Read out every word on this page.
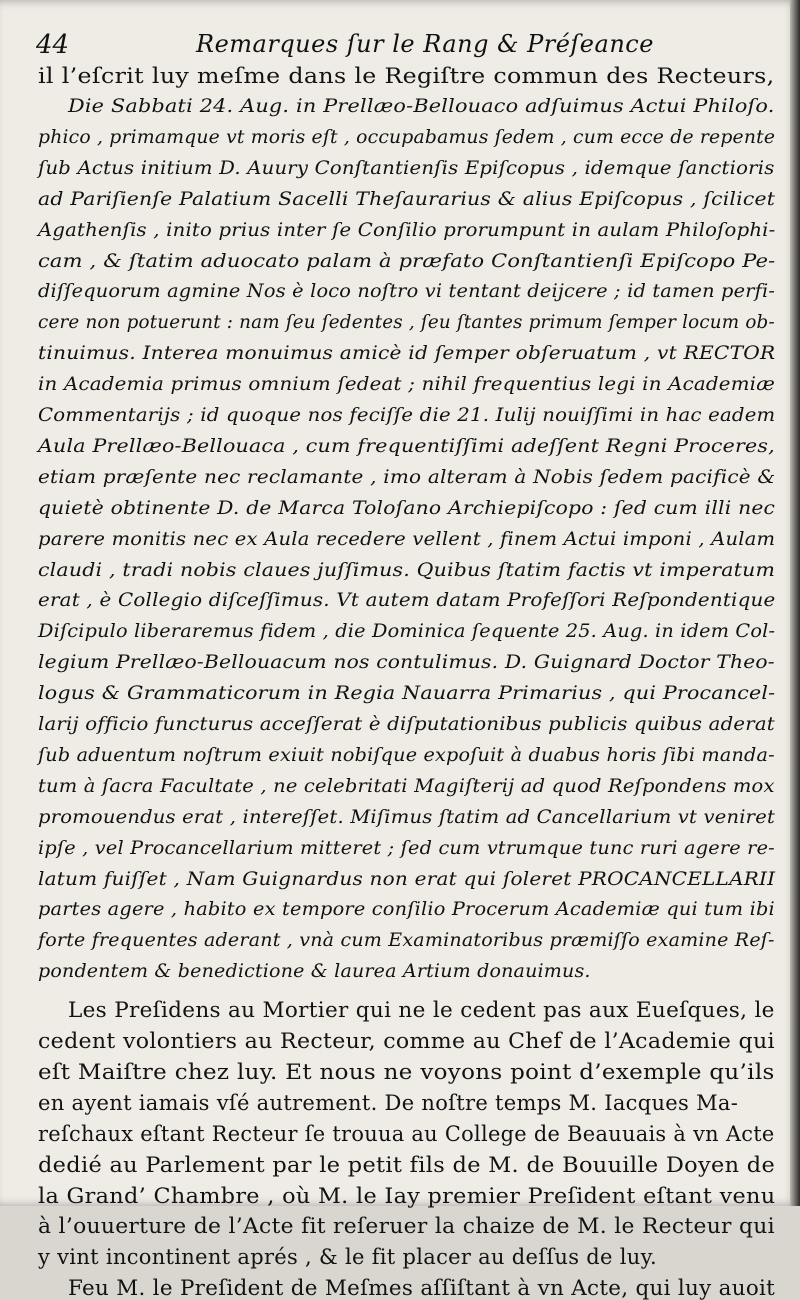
44	Remarques ſur le Rang & Préſeance
il l’eſcrit luy meſme dans le Regiſtre commun des Recteurs,
Die Sabbati 24. Aug. in Prellæo-Bellouaco adſuimus Actui Philoſo.
phico , primamque vt moris eſt , occupabamus ſedem , cum ecce de repente
ſub Actus initium D. Auury Conſtantienſis Epiſcopus , idemque ſanctioris
ad Pariſienſe Palatium Sacelli Theſaurarius & alius Epiſcopus , ſcilicet
Agathenſis , inito prius inter ſe Conſilio prorumpunt in aulam Philoſophi-
cam , & ſtatim aduocato palam à præfato Conſtantienſi Epiſcopo Pe-
diſſequorum agmine Nos è loco noſtro vi tentant deijcere ; id tamen perfi-
cere non potuerunt : nam ſeu ſedentes , ſeu ſtantes primum ſemper locum ob-
tinuimus. Interea monuimus amicè id ſemper obſeruatum , vt RECTOR
in Academia primus omnium ſedeat ; nihil frequentius legi in Academiæ
Commentarijs ; id quoque nos feciſſe die 21. Iulij nouiſſimi in hac eadem
Aula Prellæo-Bellouaca , cum frequentiſſimi adeſſent Regni Proceres,
etiam præſente nec reclamante , imo alteram à Nobis ſedem pacificè &
quietè obtinente D. de Marca Toloſano Archiepiſcopo : ſed cum illi nec
parere monitis nec ex Aula recedere vellent , finem Actui imponi , Aulam
claudi , tradi nobis claues juſſimus. Quibus ſtatim factis vt imperatum
erat , è Collegio diſceſſimus. Vt autem datam Profeſſori Reſpondentique
Diſcipulo liberaremus fidem , die Dominica ſequente 25. Aug. in idem Col-
legium Prellæo-Bellouacum nos contulimus. D. Guignard Doctor Theo-
logus & Grammaticorum in Regia Nauarra Primarius , qui Procancel-
larij officio functurus acceſſerat è diſputationibus publicis quibus aderat
ſub aduentum noſtrum exiuit nobiſque expoſuit à duabus horis ſibi manda-
tum à ſacra Facultate , ne celebritati Magiſterij ad quod Reſpondens mox
promouendus erat , intereſſet. Miſimus ſtatim ad Cancellarium vt veniret
ipſe , vel Procancellarium mitteret ; ſed cum vtrumque tunc ruri agere re-
latum fuiſſet , Nam Guignardus non erat qui ſoleret PROCANCELLARII
partes agere , habito ex tempore conſilio Procerum Academiæ qui tum ibi
forte frequentes aderant , vnà cum Examinatoribus præmiſſo examine Reſ-
pondentem & benedictione & laurea Artium donauimus.
Les Preſidens au Mortier qui ne le cedent pas aux Eueſques, le
cedent volontiers au Recteur, comme au Chef de l’Academie qui
eſt Maiſtre chez luy. Et nous ne voyons point d’exemple qu’ils
en ayent iamais vſé autrement. De noſtre temps M. Iacques Ma-
reſchaux eſtant Recteur ſe trouua au College de Beauuais à vn Acte
dedié au Parlement par le petit fils de M. de Bouuille Doyen de
la Grand’ Chambre , où M. le Iay premier Preſident eſtant venu
à l’ouuerture de l’Acte fit reſeruer la chaize de M. le Recteur qui
y vint incontinent aprés , & le fit placer au deſſus de luy.
Feu M. le Preſident de Meſmes aſſiſtant à vn Acte, qui luy auoit
